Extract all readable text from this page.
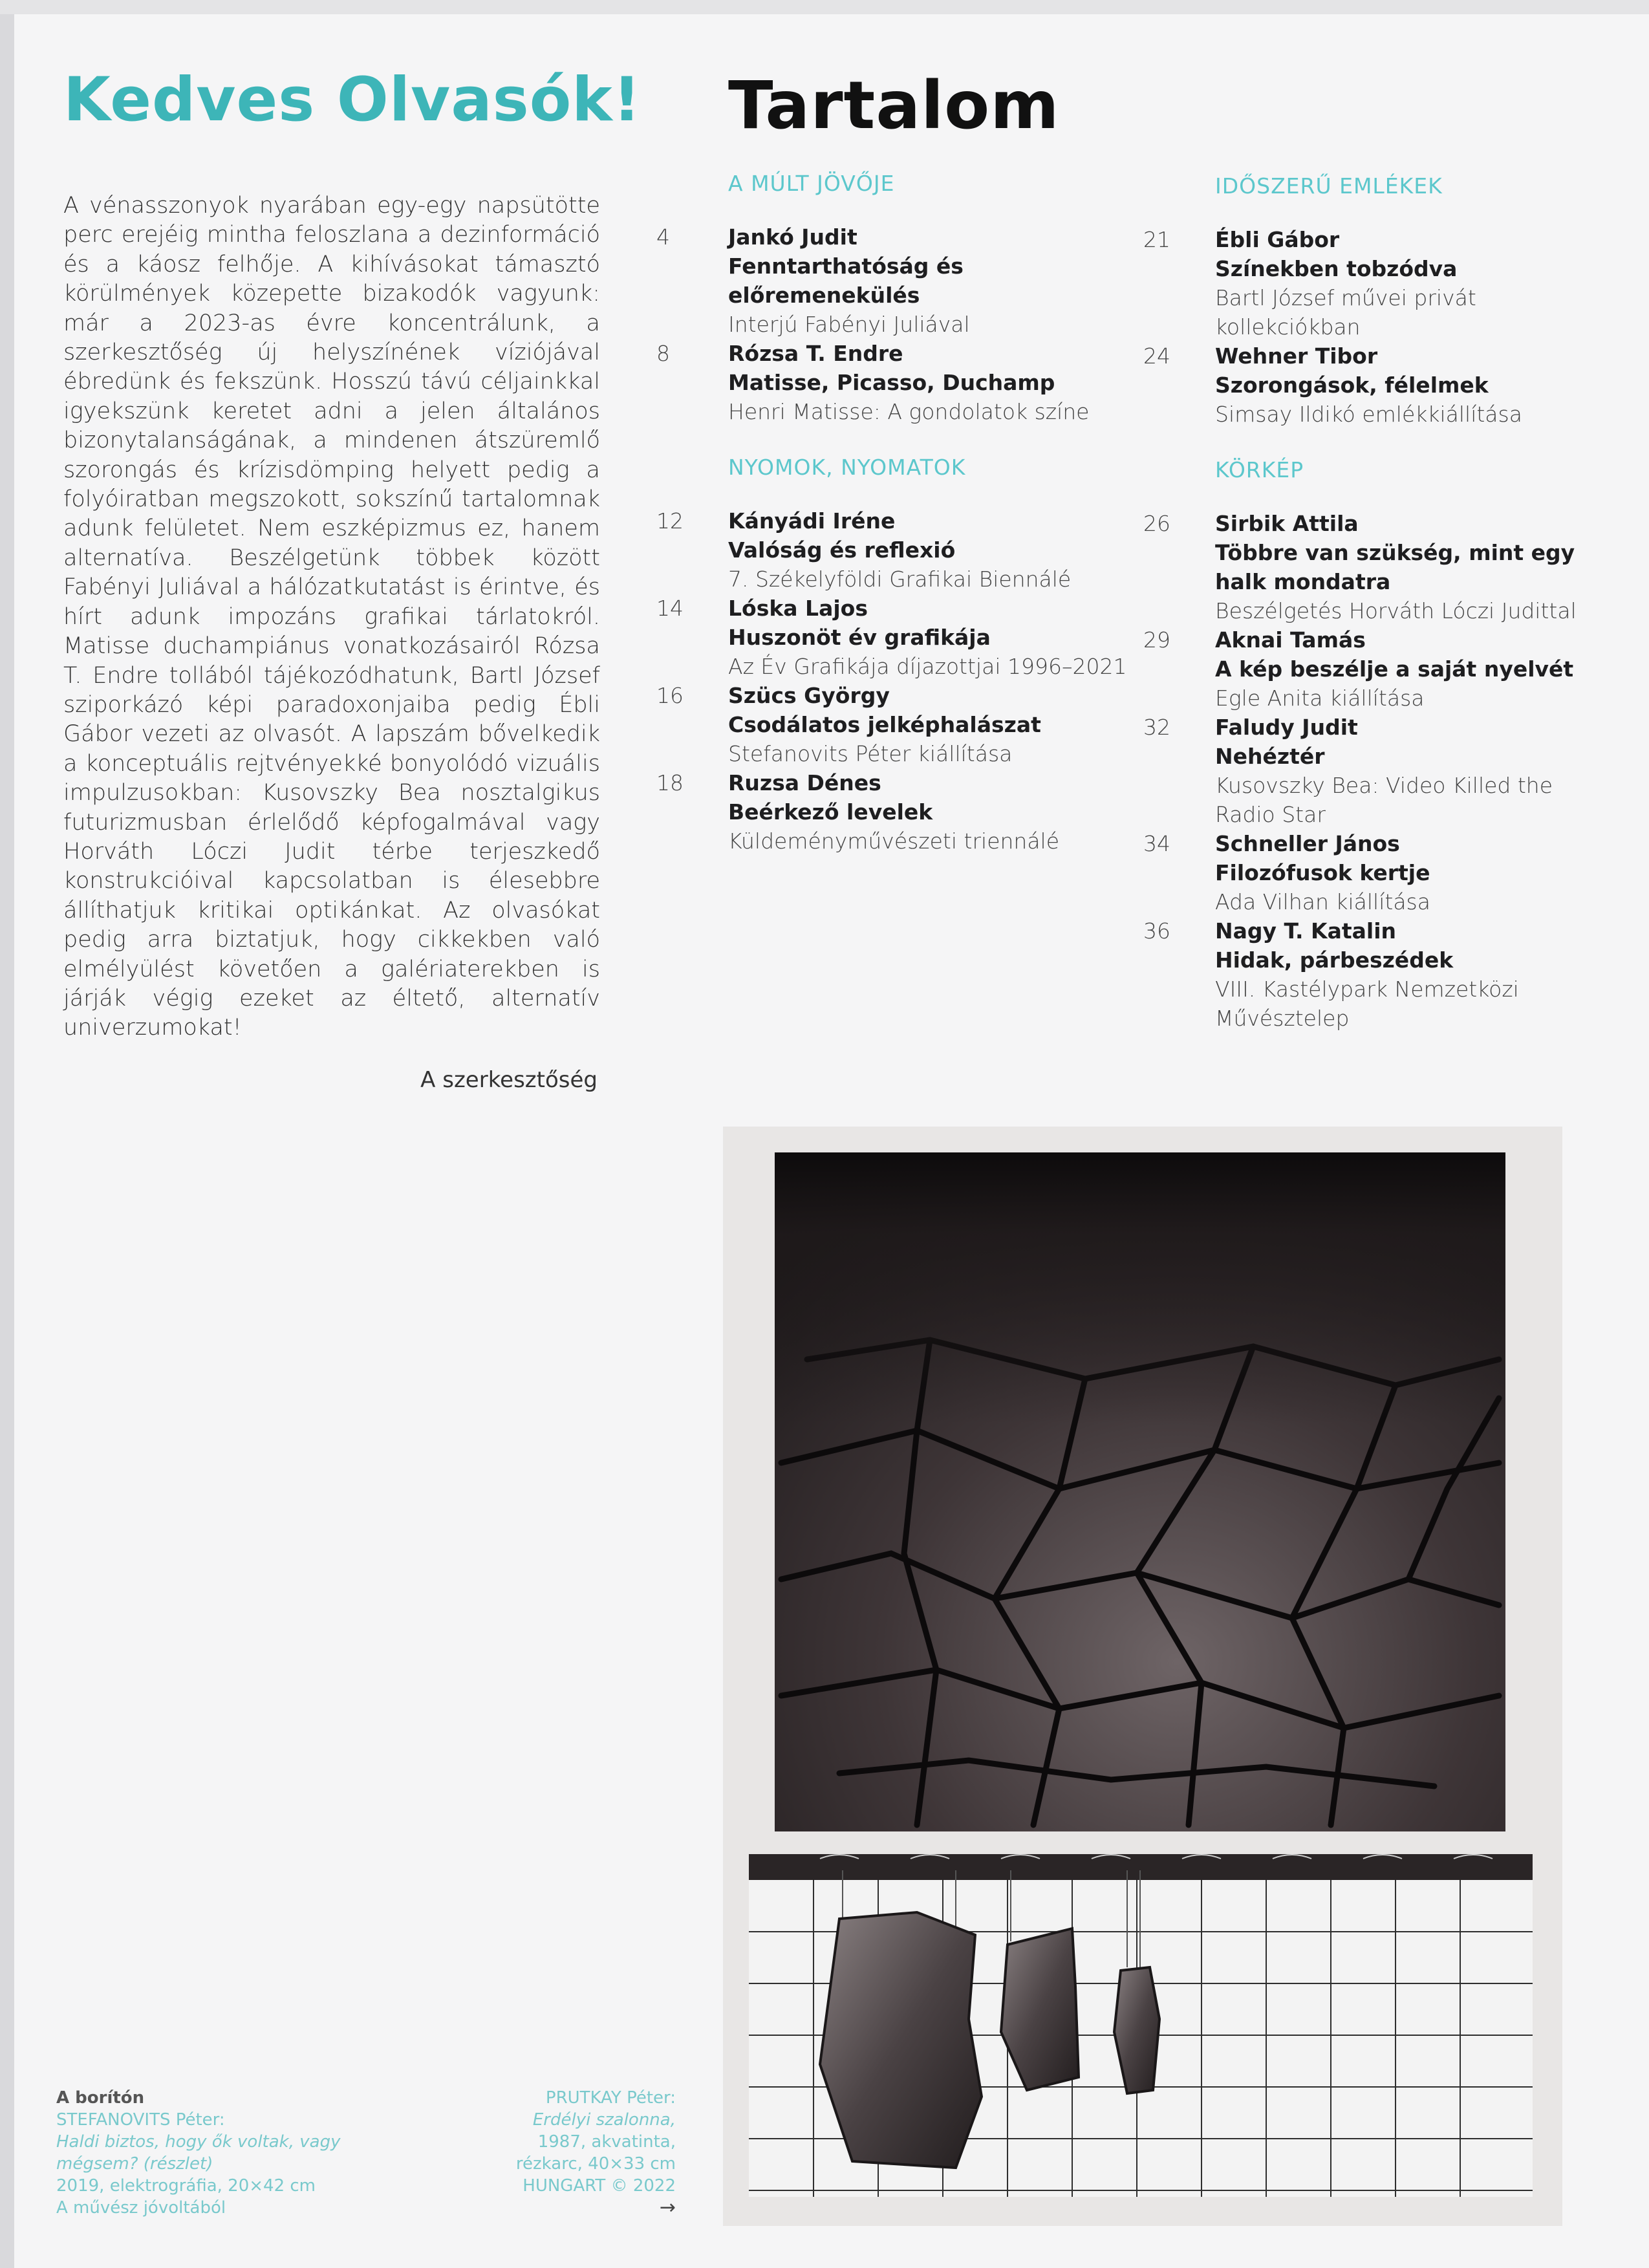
Kedves Olvasók!

A vénasszonyok nyarában egy-egy napsütötte perc erejéig mintha feloszlana a dezinformáció és a káosz felhője. A kihívásokat támasztó körülmények közepette bizakodók vagyunk: már a 2023-as évre koncentrálunk, a szerkesztőség új helyszínének víziójával ébredünk és fekszünk. Hosszú távú céljainkkal igyekszünk keretet adni a jelen általános bizonytalanságának, a mindenen átszüremlő szorongás és krízisdömping helyett pedig a folyóiratban megszokott, sokszínű tartalomnak adunk felületet. Nem eszképizmus ez, hanem alternatíva. Beszélgetünk többek között Fabényi Juliával a hálózatkutatást is érintve, és hírt adunk impozáns grafikai tárlatokról. Matisse duchampiánus vonatkozásairól Rózsa T. Endre tollából tájékozódhatunk, Bartl József sziporkázó képi paradoxonjaiba pedig Ébli Gábor vezeti az olvasót. A lapszám bővelkedik a konceptuális rejtvényekké bonyolódó vizuális impulzusokban: Kusovszky Bea nosztalgikus futurizmusban érlelődő képfogalmával vagy Horváth Lóczi Judit térbe terjeszkedő konstrukcióival kapcsolatban is élesebbre állíthatjuk kritikai optikánkat. Az olvasókat pedig arra biztatjuk, hogy cikkekben való elmélyülést követően a galériaterekben is járják végig ezeket az éltető, alternatív univerzumokat!

A szerkesztőség

Tartalom
A MÚLT JÖVŐJE
4	Jankó Judit
Fenntarthatóság és előremenekülés
Interjú Fabényi Juliával
8	Rózsa T. Endre
Matisse, Picasso, Duchamp
Henri Matisse: A gondolatok színe
NYOMOK, NYOMATOK
12	Kányádi Iréne
Valóság és reflexió
7. Székelyföldi Grafikai Biennálé
14	Lóska Lajos
Huszonöt év grafikája
Az Év Grafikája díjazottjai 1996–2021
16	Szücs György
Csodálatos jelképhalászat
Stefanovits Péter kiállítása
18	Ruzsa Dénes
Beérkező levelek
Küldeményművészeti triennálé
IDŐSZERŰ EMLÉKEK
21	Ébli Gábor
Színekben tobzódva
Bartl József művei privát kollekciókban
24	Wehner Tibor
Szorongások, félelmek
Simsay Ildikó emlékkiállítása
KÖRKÉP
26	Sirbik Attila
Többre van szükség, mint egy halk mondatra
Beszélgetés Horváth Lóczi Judittal
29	Aknai Tamás
A kép beszélje a saját nyelvét
Egle Anita kiállítása
32	Faludy Judit
Nehéztér
Kusovszky Bea: Video Killed the Radio Star
34	Schneller János
Filozófusok kertje
Ada Vilhan kiállítása
36	Nagy T. Katalin
Hidak, párbeszédek
VIII. Kastélypark Nemzetközi Művésztelep
A borítón
STEFANOVITS Péter:
Haldi biztos, hogy ők voltak, vagy mégsem? (részlet)
2019, elektrográfia, 20×42 cm
A művész jóvoltából
PRUTKAY Péter:
Erdélyi szalonna,
1987, akvatinta,
rézkarc, 40×33 cm
HUNGART © 2022
→
